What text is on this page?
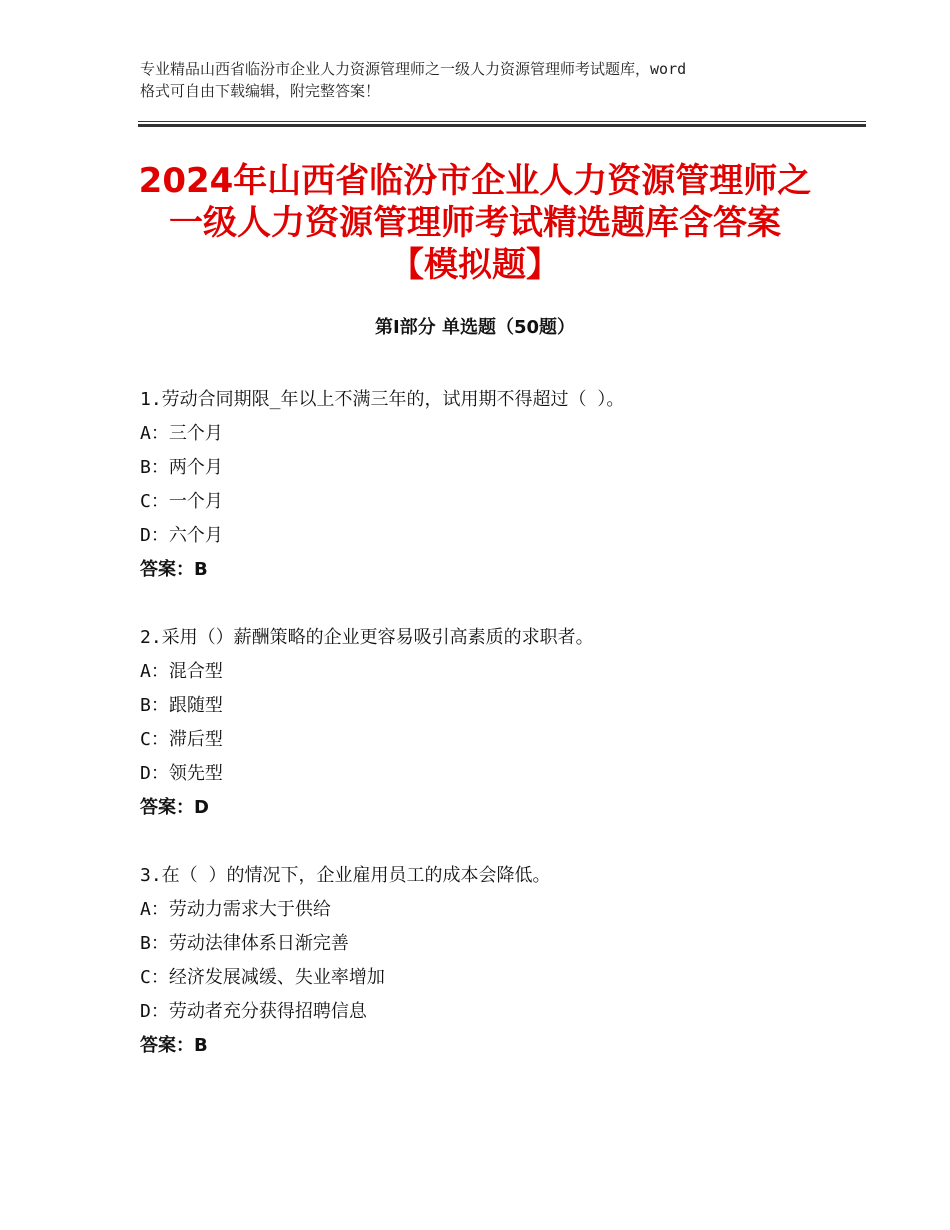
专业精品山西省临汾市企业人力资源管理师之一级人力资源管理师考试题库，word
格式可自由下载编辑，附完整答案！
2024年山西省临汾市企业人力资源管理师之
一级人力资源管理师考试精选题库含答案
【模拟题】
第Ⅰ部分 单选题（50题）
1.劳动合同期限_年以上不满三年的，试用期不得超过（ ）。
A：三个月
B：两个月
C：一个月
D：六个月
答案：B
2.采用（）薪酬策略的企业更容易吸引高素质的求职者。
A：混合型
B：跟随型
C：滞后型
D：领先型
答案：D
3.在（ ）的情况下，企业雇用员工的成本会降低。
A：劳动力需求大于供给
B：劳动法律体系日渐完善
C：经济发展减缓、失业率增加
D：劳动者充分获得招聘信息
答案：B
